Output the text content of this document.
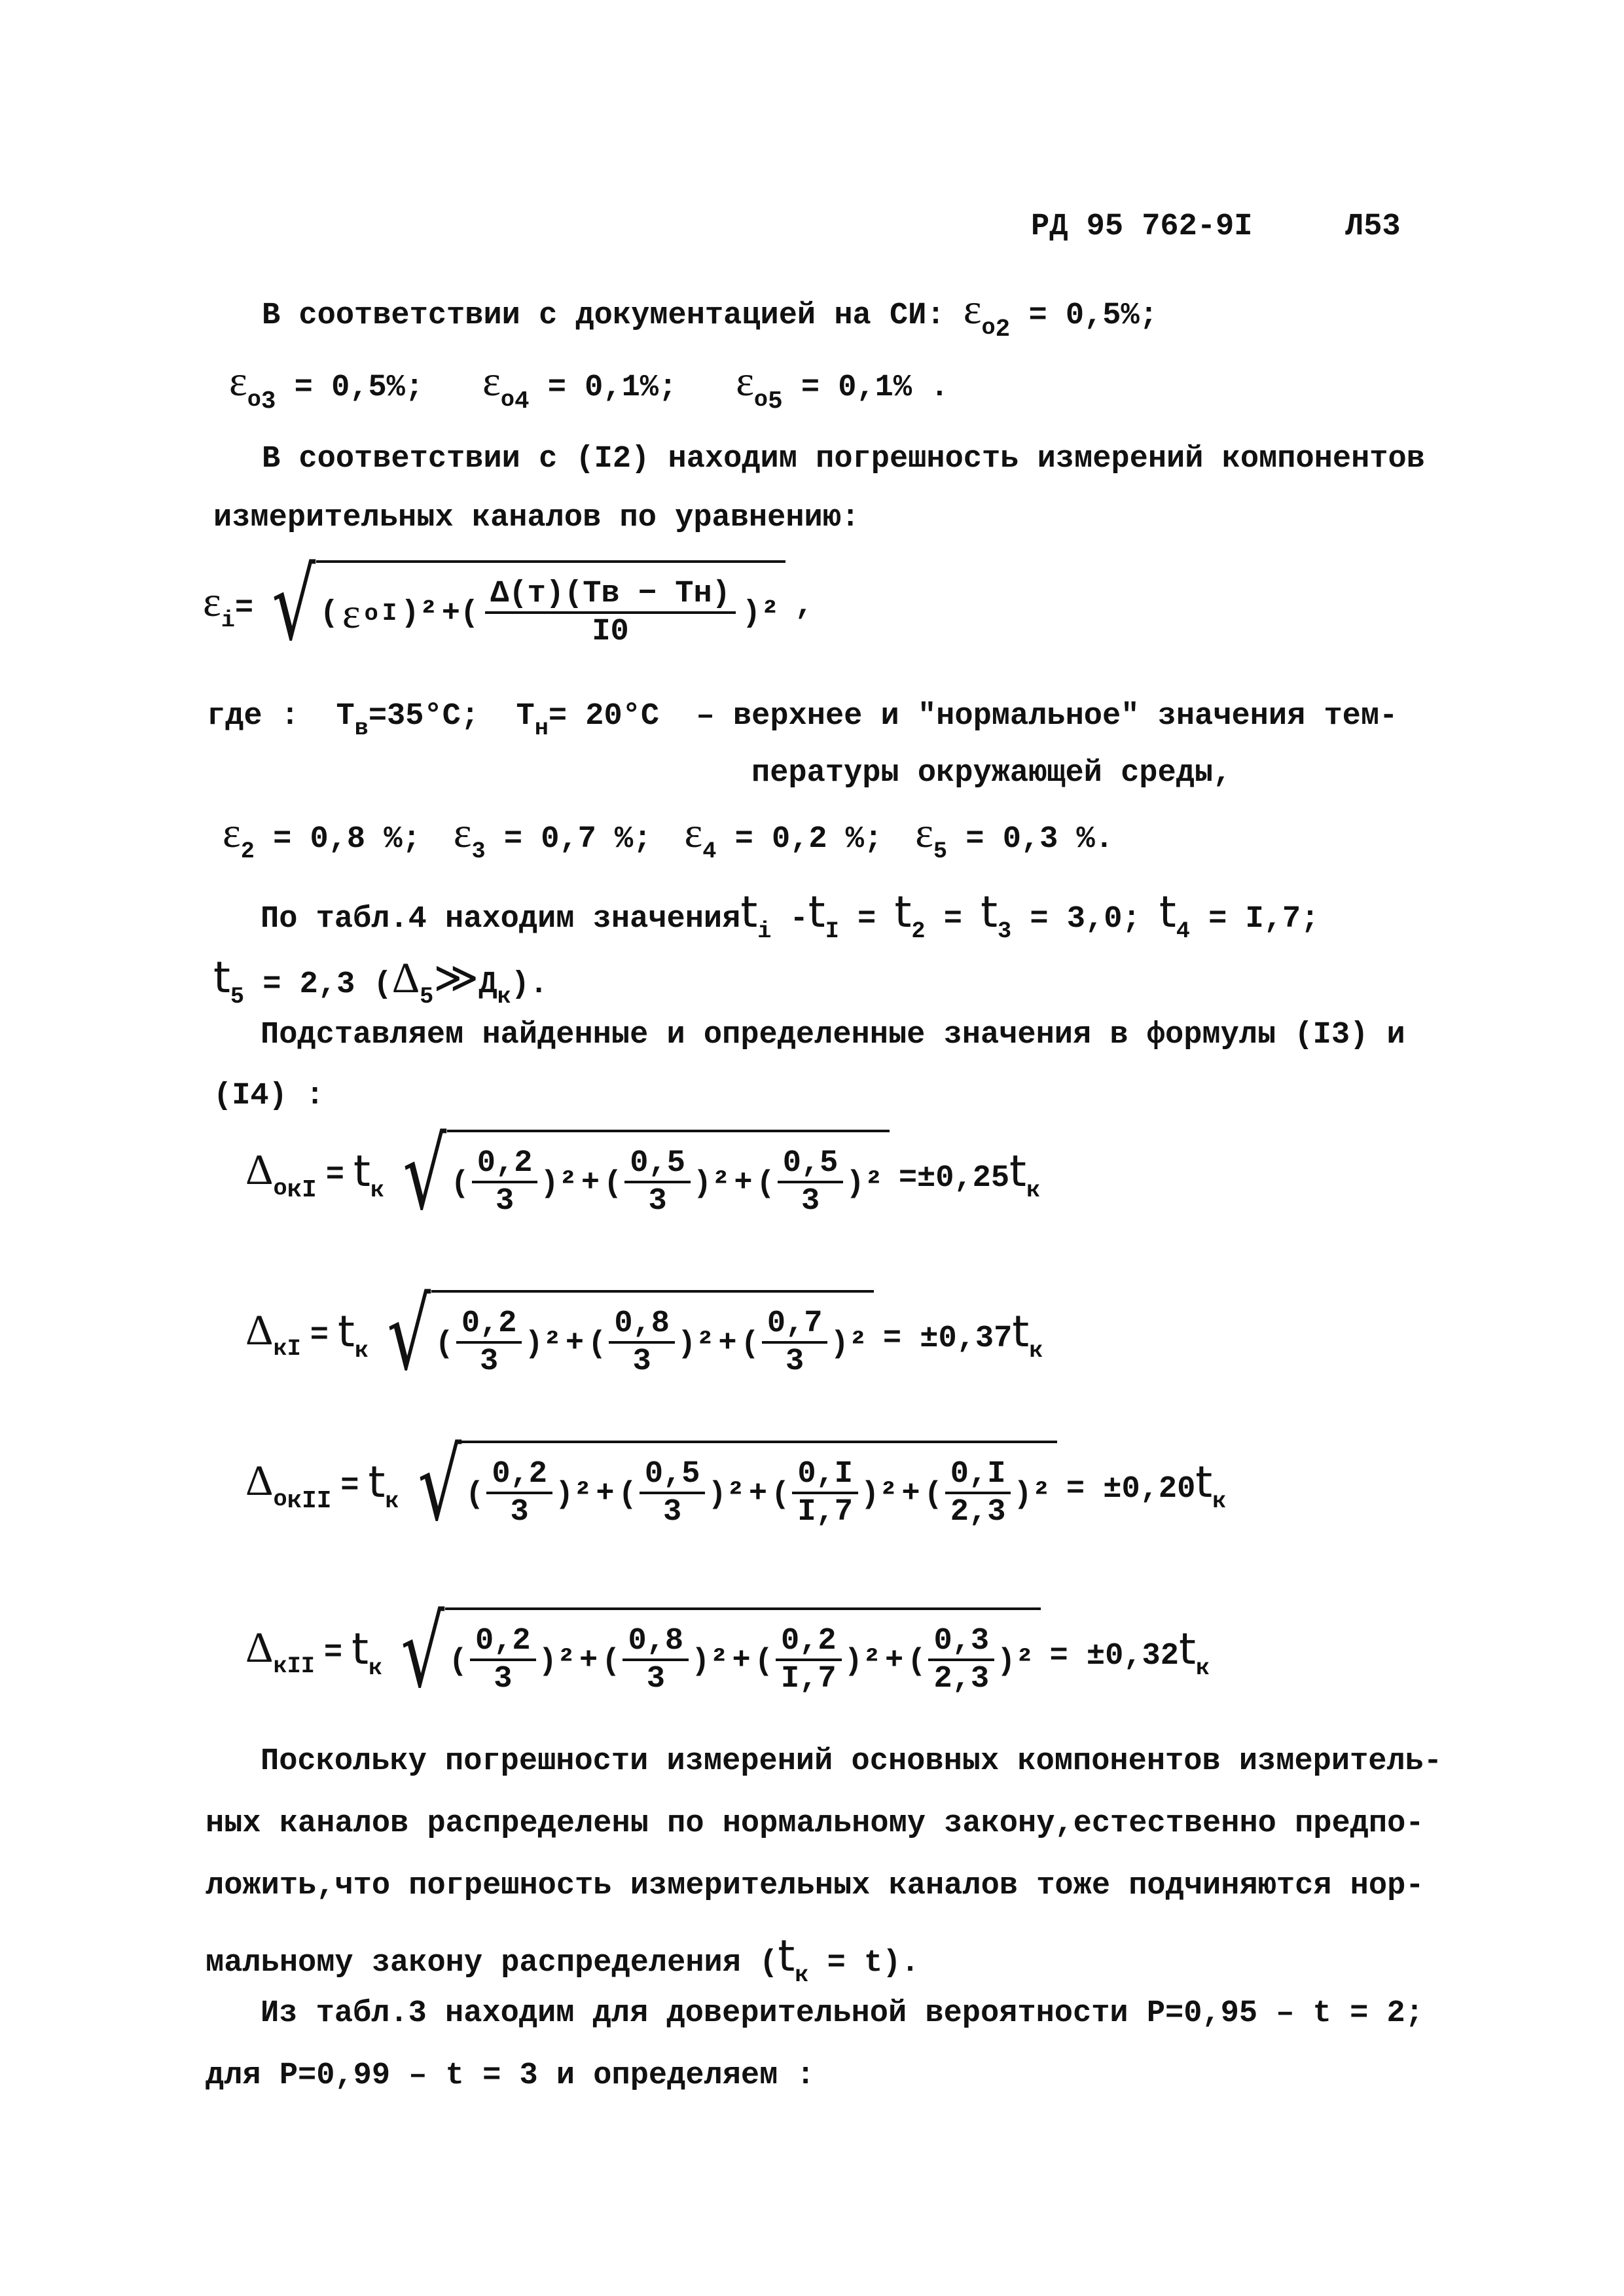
РД 95 762-9I	Л53
В соответствии с документацией на СИ: $\varepsilon_{o2} = 0,5\%$;
$\varepsilon_{o3} = 0,5\%$; $\varepsilon_{o4} = 0,1\%$; $\varepsilon_{o5} = 0,1\%$ .
В соответствии с (I2) находим погрешность измерений компонентов
измерительных каналов по уравнению:
$\varepsilon_i=$ √ ( ε o I )² +( $\frac{\Delta(т)(Tв - Tн)}{I0} )^2$ ,
где : $T_в=35^\circ C$; $T_н= 20^\circ C$ – верхнее и "нормальное" значения тем-
пературы окружающей среды,
$\varepsilon_2 = 0,8$ %; $\varepsilon_3 = 0,7$ %; $\varepsilon_4 = 0,2$ %; $\varepsilon_5 = 0,3$ %.
По табл.4 находим значенияt$_i$ $-t_I = t_2 = t_3 = 3,0$; $t_4 = I,7$;
$t_5 = 2,3$ $(\Delta_5≫Д_к)$.
Подставляем найденные и определенные значения в формулы (I3) и
(I4) :
$\Delta_{oкI} = t_к$ √ ( $\frac{0,2}{3} )^2$ + ( $\frac{0,5}{3} )^2$ + ( $\frac{0,5}{3} )^2 =\pm 0,25t_к$
$\Delta_{кI} = t_к$ √ ( $\frac{0,2}{3} )^2$ + ( $\frac{0,8}{3} )^2$ + ( $\frac{0,7}{3} )^2 = \pm 0,37t_к$
$\Delta_{oкII} = t_к$ √ ( $\frac{0,2}{3} )^2$ + ( $\frac{0,5}{3} )^2$ + ( $\frac{0,I}{I,7} )^2$ + ( $\frac{0,I}{2,3} )^2 = \pm 0,20t_к$
$\Delta_{кII} = t_к$ √ ( $\frac{0,2}{3} )^2$ + ( $\frac{0,8}{3} )^2$ + ( $\frac{0,2}{I,7} )^2$ + ( $\frac{0,3}{2,3} )^2 = \pm 0,32t_к$
Поскольку погрешности измерений основных компонентов измеритель-
ных каналов распределены по нормальному закону,естественно предпо-
ложить,что погрешность измерительных каналов тоже подчиняются нор-
мальному закону распределения $(t_к = t)$.
Из табл.3 находим для доверительной вероятности Р=0,95 – t = 2;
для Р=0,99 – t = 3 и определяем :
